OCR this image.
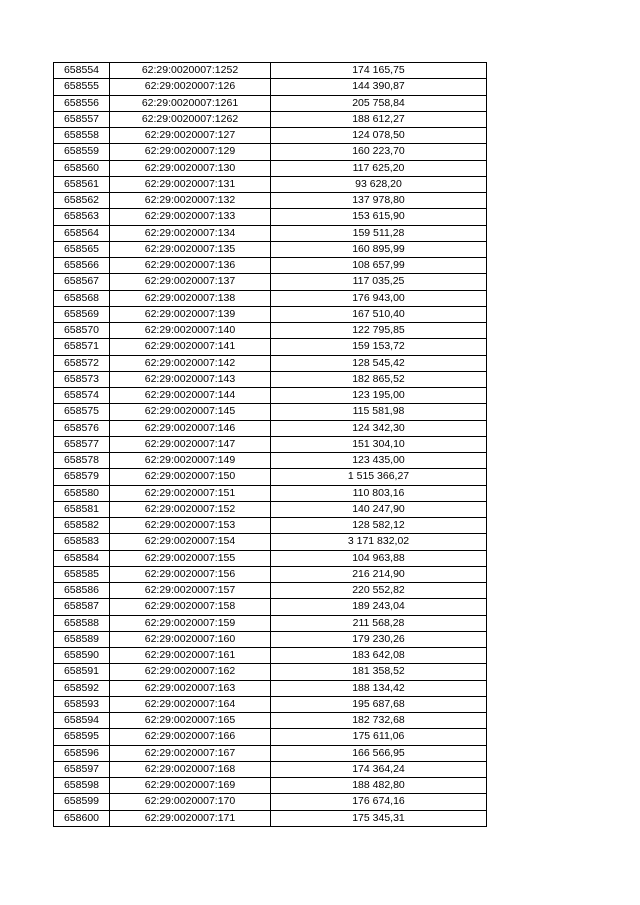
658554	62:29:0020007:1252	174 165,75
658555	62:29:0020007:126	144 390,87
658556	62:29:0020007:1261	205 758,84
658557	62:29:0020007:1262	188 612,27
658558	62:29:0020007:127	124 078,50
658559	62:29:0020007:129	160 223,70
658560	62:29:0020007:130	117 625,20
658561	62:29:0020007:131	93 628,20
658562	62:29:0020007:132	137 978,80
658563	62:29:0020007:133	153 615,90
658564	62:29:0020007:134	159 511,28
658565	62:29:0020007:135	160 895,99
658566	62:29:0020007:136	108 657,99
658567	62:29:0020007:137	117 035,25
658568	62:29:0020007:138	176 943,00
658569	62:29:0020007:139	167 510,40
658570	62:29:0020007:140	122 795,85
658571	62:29:0020007:141	159 153,72
658572	62:29:0020007:142	128 545,42
658573	62:29:0020007:143	182 865,52
658574	62:29:0020007:144	123 195,00
658575	62:29:0020007:145	115 581,98
658576	62:29:0020007:146	124 342,30
658577	62:29:0020007:147	151 304,10
658578	62:29:0020007:149	123 435,00
658579	62:29:0020007:150	1 515 366,27
658580	62:29:0020007:151	110 803,16
658581	62:29:0020007:152	140 247,90
658582	62:29:0020007:153	128 582,12
658583	62:29:0020007:154	3 171 832,02
658584	62:29:0020007:155	104 963,88
658585	62:29:0020007:156	216 214,90
658586	62:29:0020007:157	220 552,82
658587	62:29:0020007:158	189 243,04
658588	62:29:0020007:159	211 568,28
658589	62:29:0020007:160	179 230,26
658590	62:29:0020007:161	183 642,08
658591	62:29:0020007:162	181 358,52
658592	62:29:0020007:163	188 134,42
658593	62:29:0020007:164	195 687,68
658594	62:29:0020007:165	182 732,68
658595	62:29:0020007:166	175 611,06
658596	62:29:0020007:167	166 566,95
658597	62:29:0020007:168	174 364,24
658598	62:29:0020007:169	188 482,80
658599	62:29:0020007:170	176 674,16
658600	62:29:0020007:171	175 345,31
